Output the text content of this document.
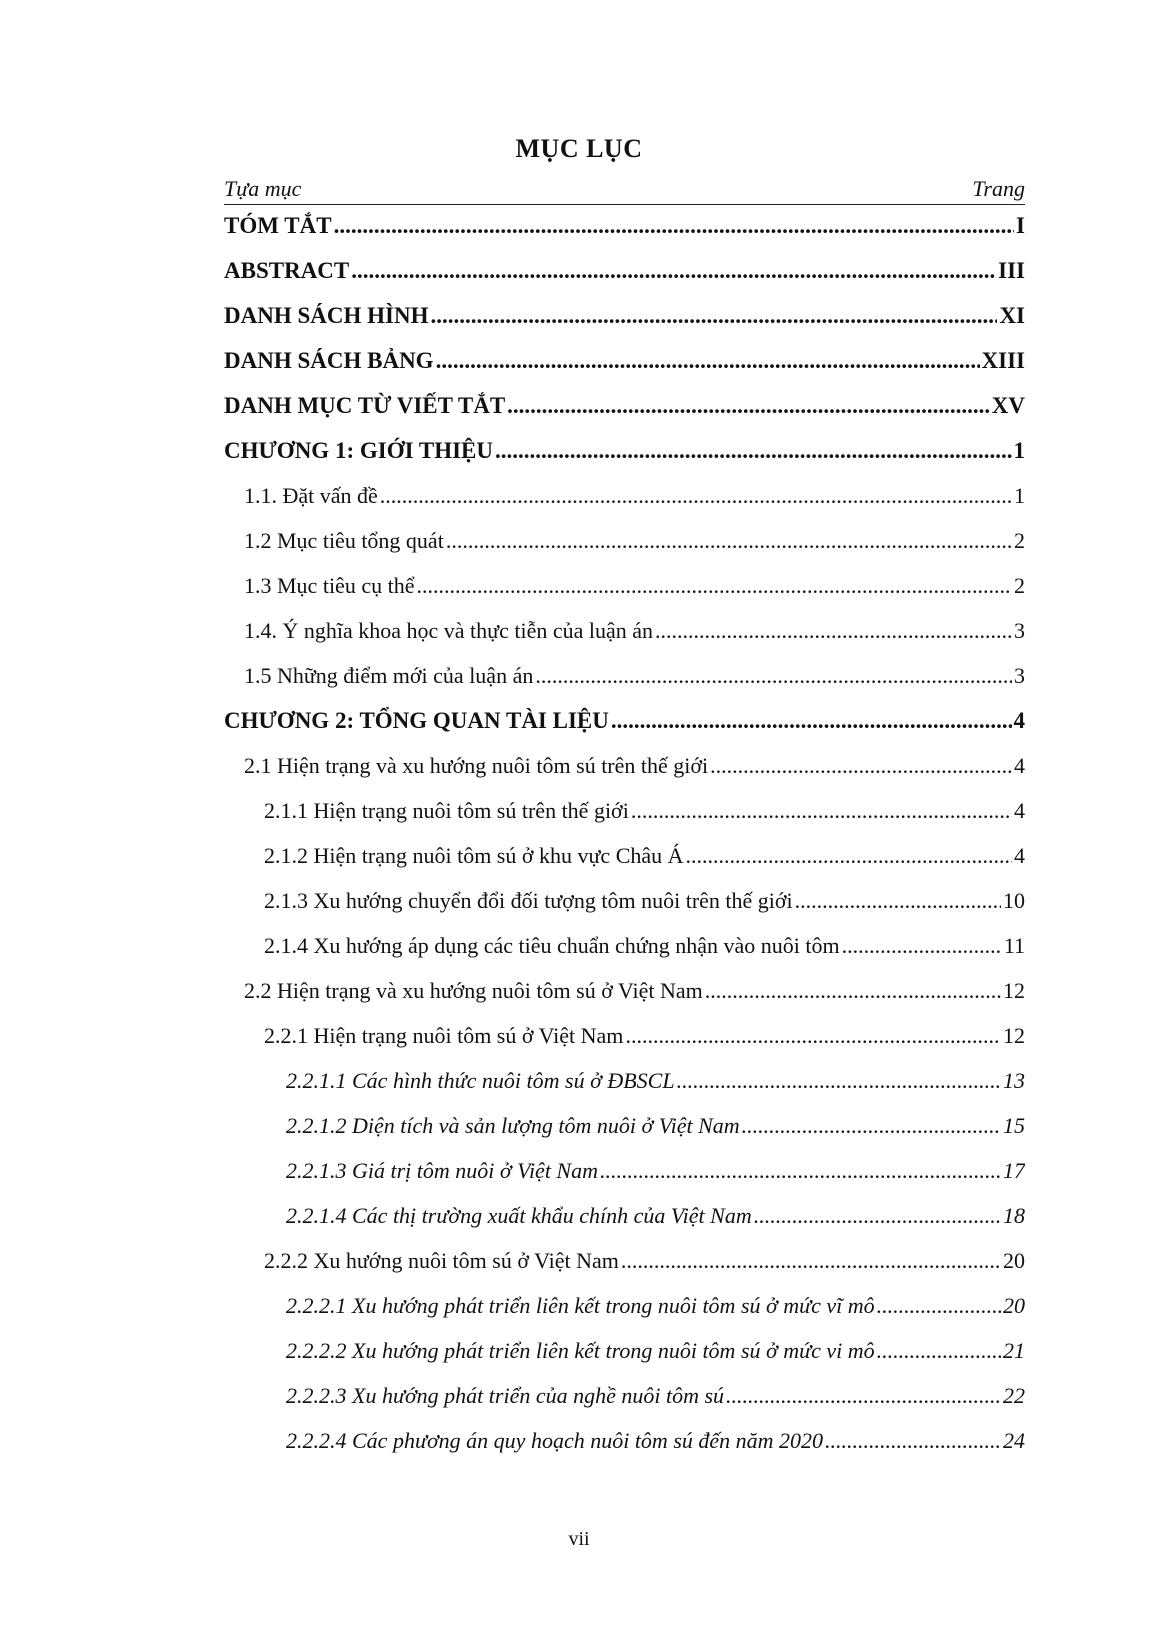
MỤC LỤC
Tựa mục	Trang
TÓM TẮT .....	I
ABSTRACT .....	III
DANH SÁCH HÌNH .....	XI
DANH SÁCH BẢNG .....	XIII
DANH MỤC TỪ VIẾT TẮT .....	XV
CHƯƠNG 1: GIỚI THIỆU .....	1
1.1. Đặt vấn đề .....	1
1.2 Mục tiêu tổng quát .....	2
1.3 Mục tiêu cụ thể .....	2
1.4. Ý nghĩa khoa học và thực tiễn của luận án .....	3
1.5 Những điểm mới của luận án .....	3
CHƯƠNG 2: TỔNG QUAN TÀI LIỆU .....	4
2.1 Hiện trạng và xu hướng nuôi tôm sú trên thế giới .....	4
2.1.1 Hiện trạng nuôi tôm sú trên thế giới .....	4
2.1.2 Hiện trạng nuôi tôm sú ở khu vực Châu Á .....	4
2.1.3 Xu hướng chuyển đổi đối tượng tôm nuôi trên thế giới .....	10
2.1.4 Xu hướng áp dụng các tiêu chuẩn chứng nhận vào nuôi tôm .....	11
2.2 Hiện trạng và xu hướng nuôi tôm sú ở Việt Nam .....	12
2.2.1 Hiện trạng nuôi tôm sú ở Việt Nam .....	12
2.2.1.1 Các hình thức nuôi tôm sú ở ĐBSCL .....	13
2.2.1.2 Diện tích và sản lượng tôm nuôi ở Việt Nam .....	15
2.2.1.3 Giá trị tôm nuôi ở Việt Nam .....	17
2.2.1.4 Các thị trường xuất khẩu chính của Việt Nam .....	18
2.2.2 Xu hướng nuôi tôm sú ở Việt Nam .....	20
2.2.2.1 Xu hướng phát triển liên kết trong nuôi tôm sú ở mức vĩ mô .....	20
2.2.2.2 Xu hướng phát triển liên kết trong nuôi tôm sú ở mức vi mô .....	21
2.2.2.3 Xu hướng phát triển của nghề nuôi tôm sú .....	22
2.2.2.4 Các phương án quy hoạch nuôi tôm sú đến năm 2020 .....	24
vii
